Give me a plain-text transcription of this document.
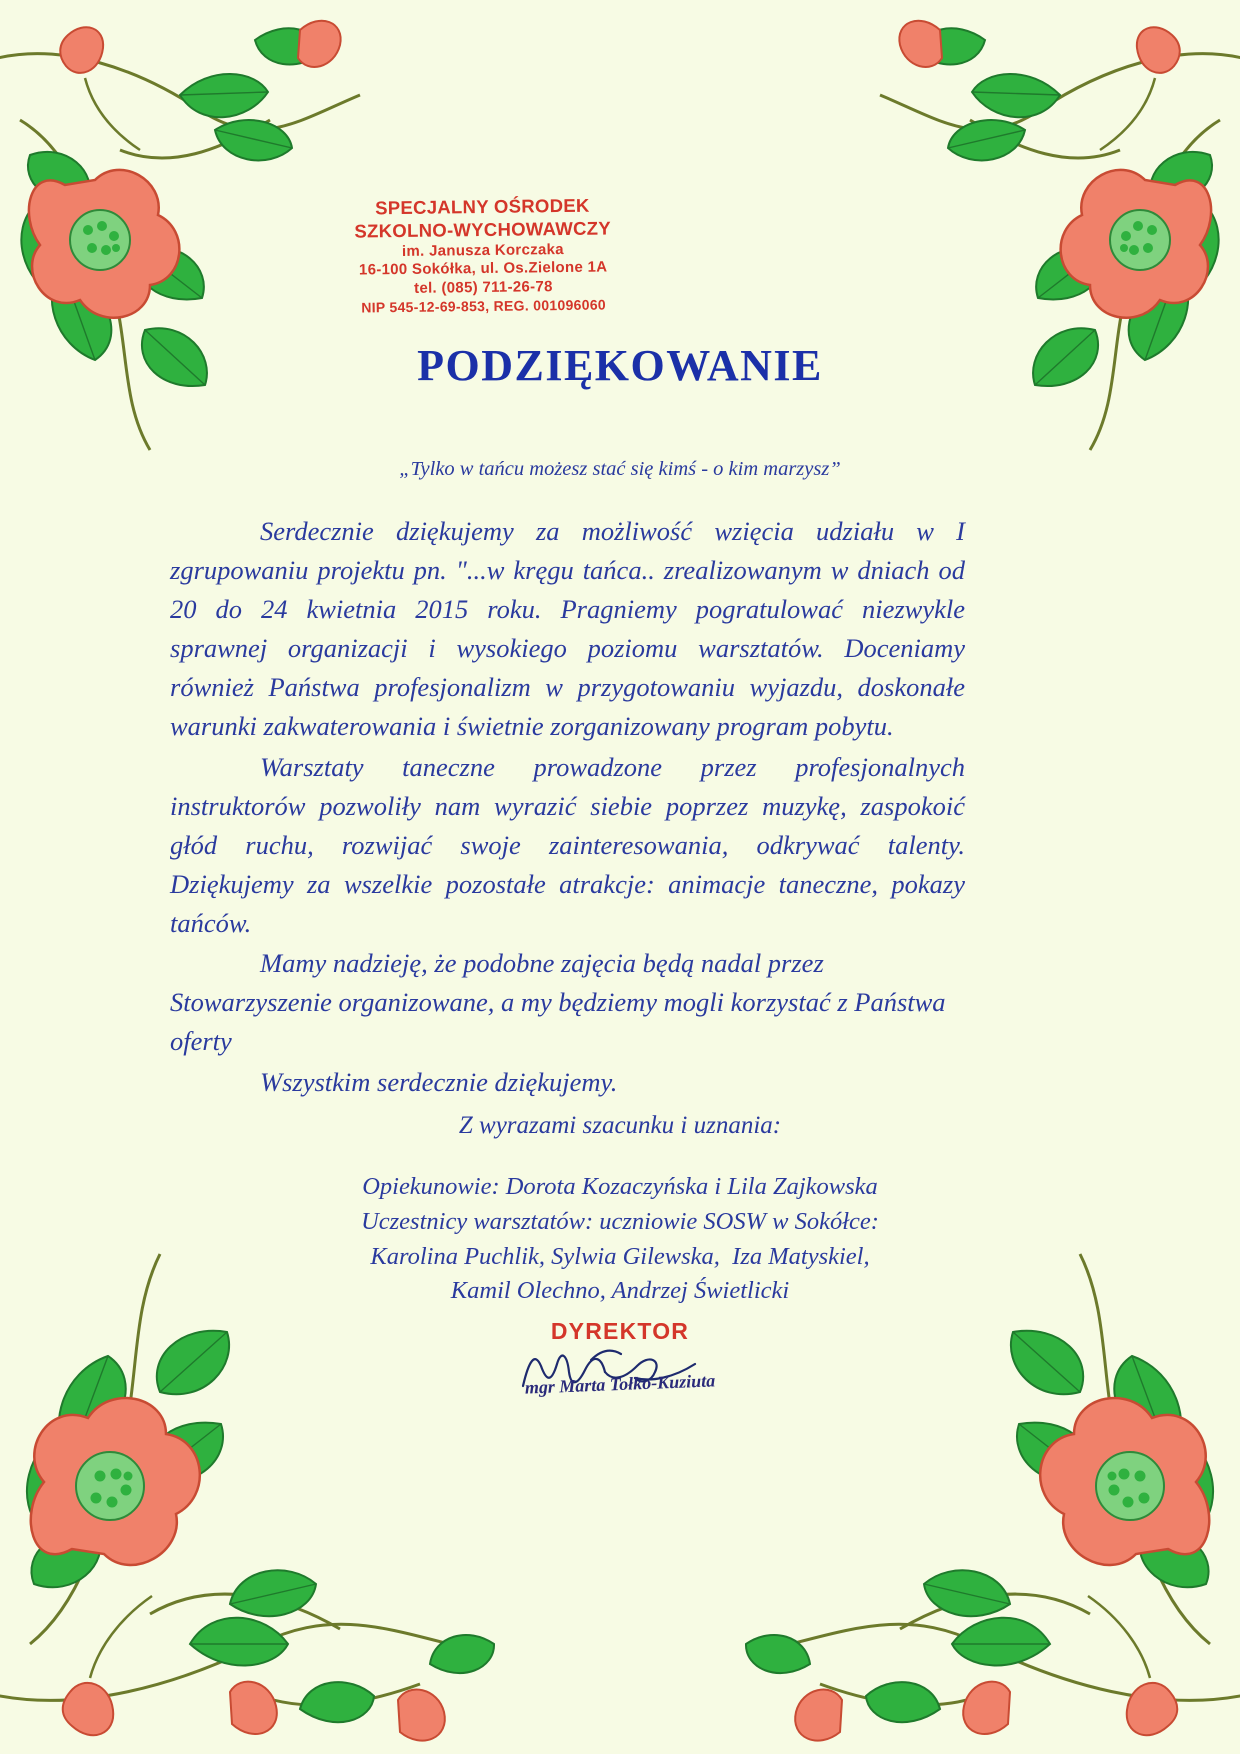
SPECJALNY OŚRODEK
SZKOLNO-WYCHOWAWCZY
im. Janusza Korczaka
16-100 Sokółka, ul. Os.Zielone 1A
tel. (085) 711-26-78
NIP 545-12-69-853, REG. 001096060
PODZIĘKOWANIE
„Tylko w tańcu możesz stać się kimś - o kim marzysz”

Serdecznie dziękujemy za możliwość wzięcia udziału w I zgrupowaniu projektu pn. "...w kręgu tańca.. zrealizowanym w dniach od 20 do 24 kwietnia 2015 roku. Pragniemy pogratulować niezwykle sprawnej organizacji i wysokiego poziomu warsztatów. Doceniamy również Państwa profesjonalizm w przygotowaniu wyjazdu, doskonałe warunki zakwaterowania i świetnie zorganizowany program pobytu.

Warsztaty taneczne prowadzone przez profesjonalnych instruktorów pozwoliły nam wyrazić siebie poprzez muzykę, zaspokoić głód ruchu, rozwijać swoje zainteresowania, odkrywać talenty. Dziękujemy za wszelkie pozostałe atrakcje: animacje taneczne, pokazy tańców.

Mamy nadzieję, że podobne zajęcia będą nadal przez Stowarzyszenie organizowane, a my będziemy mogli korzystać z Państwa oferty

Wszystkim serdecznie dziękujemy.

Z wyrazami szacunku i uznania:
Opiekunowie: Dorota Kozaczyńska i Lila Zajkowska
Uczestnicy warsztatów: uczniowie SOSW w Sokółce:
Karolina Puchlik, Sylwia Gilewska,  Iza Matyskiel,
Kamil Olechno, Andrzej Świetlicki
DYREKTOR
mgr Marta Tołko-Kuziuta
